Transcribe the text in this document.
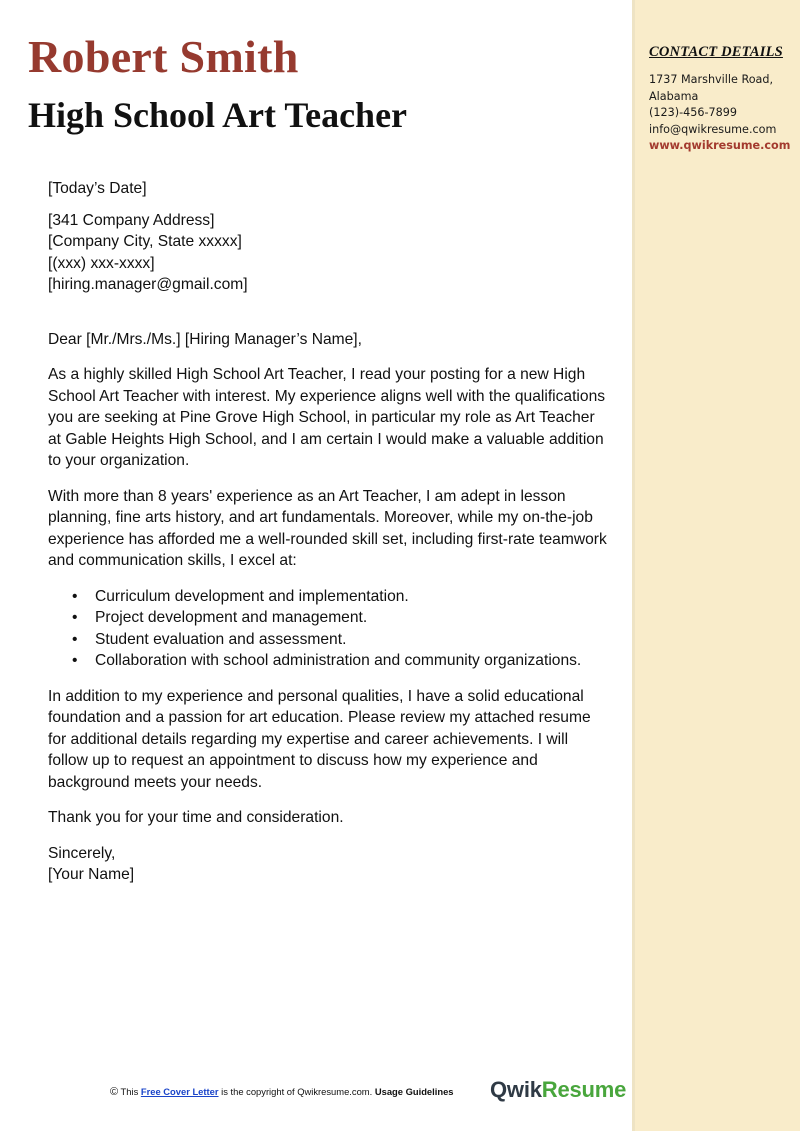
Robert Smith
High School Art Teacher
CONTACT DETAILS
1737 Marshville Road,
Alabama
(123)-456-7899
info@qwikresume.com
www.qwikresume.com

[Today’s Date]

[341 Company Address]
[Company City, State xxxxx]
[(xxx) xxx-xxxx]
[hiring.manager@gmail.com]

Dear [Mr./Mrs./Ms.] [Hiring Manager’s Name],

As a highly skilled High School Art Teacher, I read your posting for a new High School Art Teacher with interest. My experience aligns well with the qualifications you are seeking at Pine Grove High School, in particular my role as Art Teacher at Gable Heights High School, and I am certain I would make a valuable addition to your organization.

With more than 8 years' experience as an Art Teacher, I am adept in lesson planning, fine arts history, and art fundamentals. Moreover, while my on-the-job experience has afforded me a well-rounded skill set, including first-rate teamwork and communication skills, I excel at:

• Curriculum development and implementation.
• Project development and management.
• Student evaluation and assessment.
• Collaboration with school administration and community organizations.

In addition to my experience and personal qualities, I have a solid educational foundation and a passion for art education. Please review my attached resume for additional details regarding my expertise and career achievements. I will follow up to request an appointment to discuss how my experience and background meets your needs.

Thank you for your time and consideration.

Sincerely,

[Your Name]

© This Free Cover Letter is the copyright of Qwikresume.com. Usage Guidelines QwikResume
